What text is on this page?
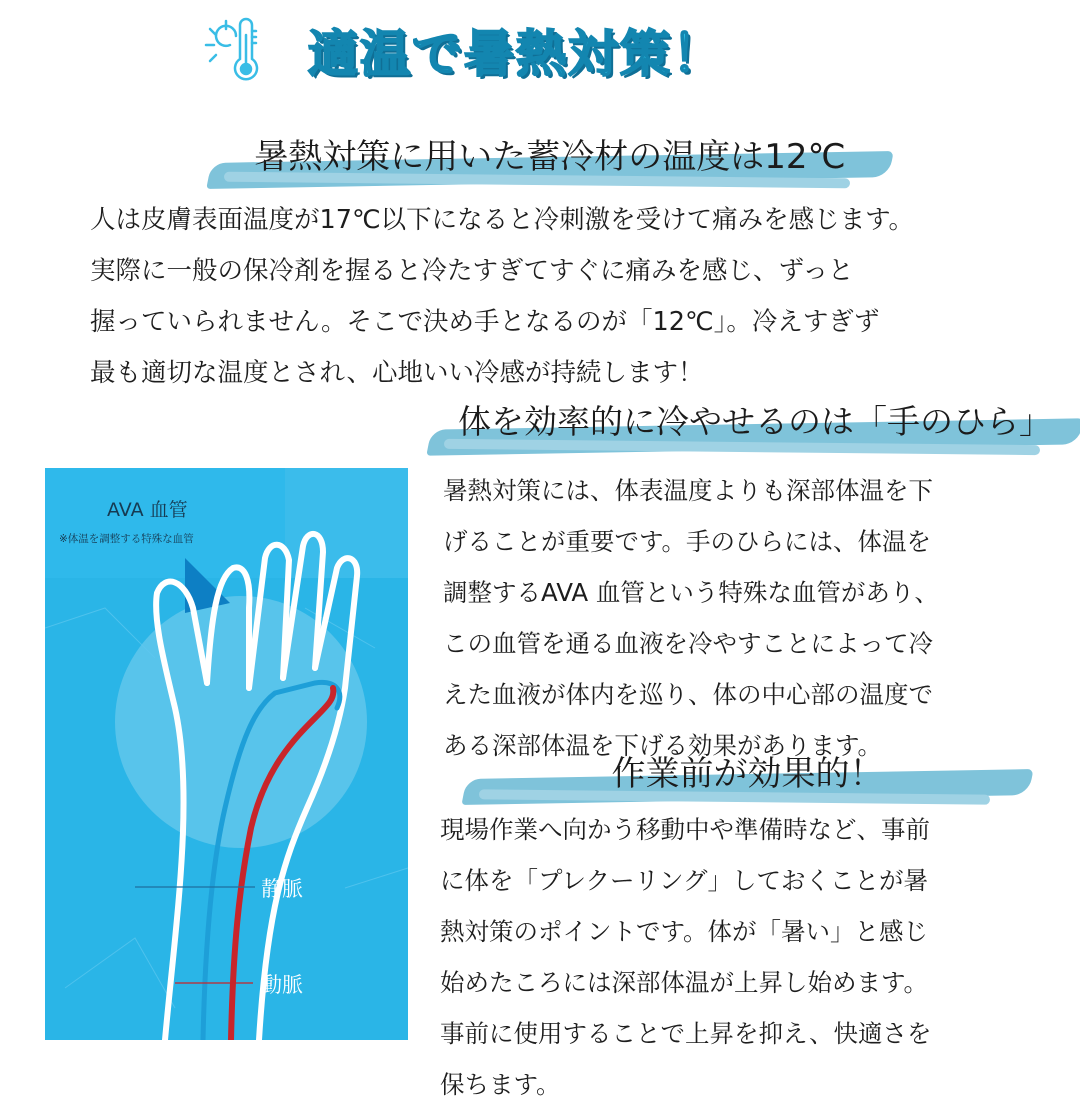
適温で暑熱対策！
暑熱対策に用いた蓄冷材の温度は12℃
人は皮膚表面温度が17℃以下になると冷刺激を受けて痛みを感じます。
実際に一般の保冷剤を握ると冷たすぎてすぐに痛みを感じ、ずっと
握っていられません。そこで決め手となるのが「12℃」。冷えすぎず
最も適切な温度とされ、心地いい冷感が持続します！
体を効率的に冷やせるのは「手のひら」
AVA 血管
※体温を調整する特殊な血管
静脈
動脈
暑熱対策には、体表温度よりも深部体温を下
げることが重要です。手のひらには、体温を
調整するAVA 血管という特殊な血管があり、
この血管を通る血液を冷やすことによって冷
えた血液が体内を巡り、体の中心部の温度で
ある深部体温を下げる効果があります。
作業前が効果的！
現場作業へ向かう移動中や準備時など、事前
に体を「プレクーリング」しておくことが暑
熱対策のポイントです。体が「暑い」と感じ
始めたころには深部体温が上昇し始めます。
事前に使用することで上昇を抑え、快適さを
保ちます。
